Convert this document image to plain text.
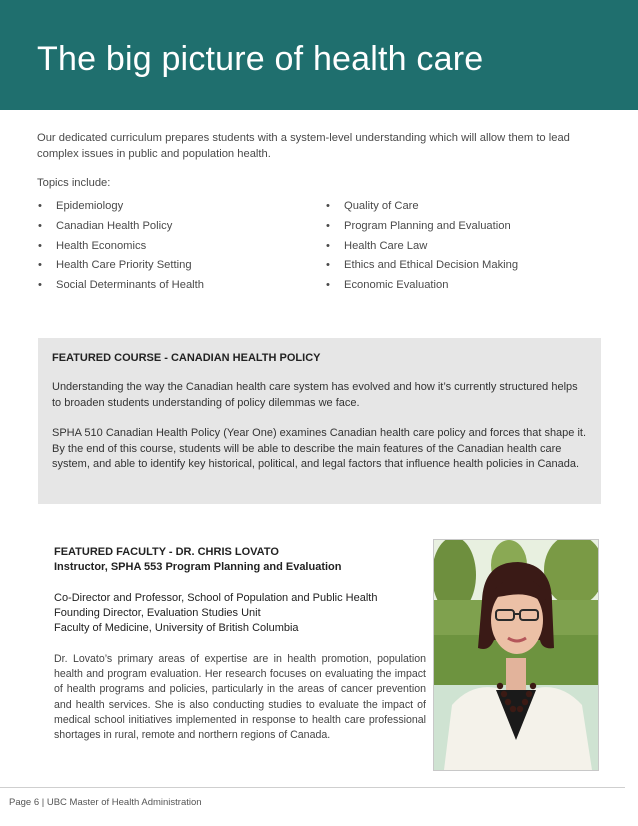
The big picture of health care

Our dedicated curriculum prepares students with a system-level understanding which will allow them to lead complex issues in public and population health.

Topics include:

• Epidemiology
• Canadian Health Policy
• Health Economics
• Health Care Priority Setting
• Social Determinants of Health
• Quality of Care
• Program Planning and Evaluation
• Health Care Law
• Ethics and Ethical Decision Making
• Economic Evaluation

FEATURED COURSE - CANADIAN HEALTH POLICY

Understanding the way the Canadian health care system has evolved and how it’s currently structured helps to broaden students understanding of policy dilemmas we face.

SPHA 510 Canadian Health Policy (Year One) examines Canadian health care policy and forces that shape it. By the end of this course, students will be able to describe the main features of the Canadian health care system, and able to identify key historical, political, and legal factors that influence health policies in Canada.

FEATURED FACULTY - DR. CHRIS LOVATO

Instructor, SPHA 553 Program Planning and Evaluation

Co-Director and Professor, School of Population and Public Health
Founding Director, Evaluation Studies Unit
Faculty of Medicine, University of British Columbia

Dr. Lovato’s primary areas of expertise are in health promotion, population health and program evaluation. Her research focuses on evaluating the impact of health programs and policies, particularly in the areas of cancer prevention and health services. She is also conducting studies to evaluate the impact of medical school initiatives implemented in response to health care professional shortages in rural, remote and northern regions of Canada.

Page 6 | UBC Master of Health Administration
